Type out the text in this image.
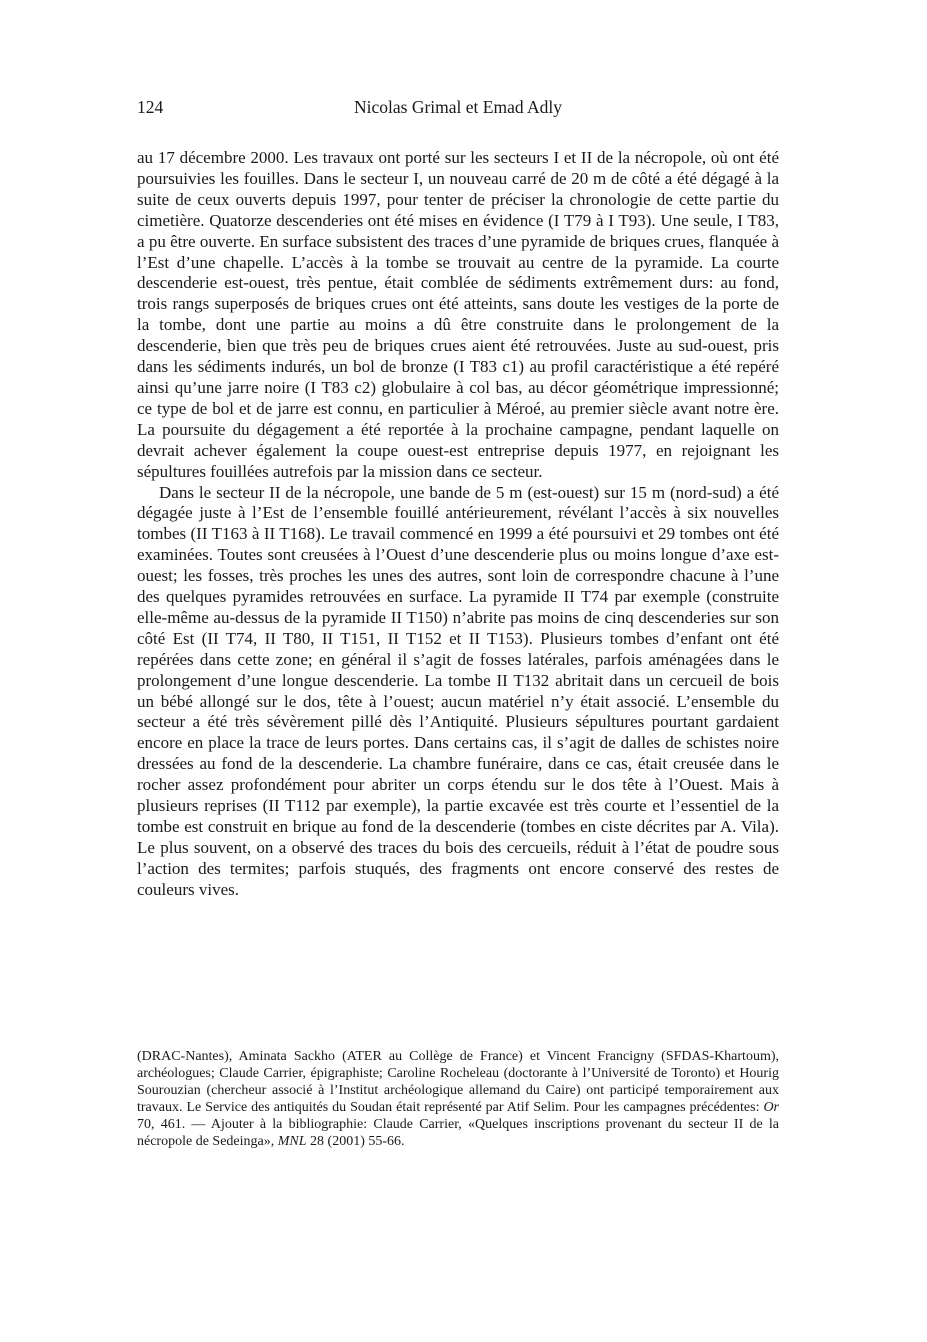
124	Nicolas Grimal et Emad Adly

au 17 décembre 2000. Les travaux ont porté sur les secteurs I et II de la nécropole, où ont été poursuivies les fouilles. Dans le secteur I, un nouveau carré de 20 m de côté a été dégagé à la suite de ceux ouverts depuis 1997, pour tenter de préciser la chronologie de cette partie du cimetière. Quatorze descenderies ont été mises en évidence (I T79 à I T93). Une seule, I T83, a pu être ouverte. En surface subsistent des traces d’une pyramide de briques crues, flanquée à l’Est d’une chapelle. L’accès à la tombe se trouvait au centre de la pyramide. La courte descenderie est-ouest, très pentue, était comblée de sédiments extrêmement durs: au fond, trois rangs superposés de briques crues ont été atteints, sans doute les vestiges de la porte de la tombe, dont une partie au moins a dû être construite dans le prolongement de la descenderie, bien que très peu de briques crues aient été retrouvées. Juste au sud-ouest, pris dans les sédiments indurés, un bol de bronze (I T83 c1) au profil caractéristique a été repéré ainsi qu’une jarre noire (I T83 c2) globulaire à col bas, au décor géométrique impressionné; ce type de bol et de jarre est connu, en particulier à Méroé, au premier siècle avant notre ère. La poursuite du dégagement a été reportée à la prochaine campagne, pendant laquelle on devrait achever également la coupe ouest-est entreprise depuis 1977, en rejoignant les sépultures fouillées autrefois par la mission dans ce secteur.

Dans le secteur II de la nécropole, une bande de 5 m (est-ouest) sur 15 m (nord-sud) a été dégagée juste à l’Est de l’ensemble fouillé antérieurement, révélant l’accès à six nouvelles tombes (II T163 à II T168). Le travail commencé en 1999 a été poursuivi et 29 tombes ont été examinées. Toutes sont creusées à l’Ouest d’une descenderie plus ou moins longue d’axe est-ouest; les fosses, très proches les unes des autres, sont loin de correspondre chacune à l’une des quelques pyramides retrouvées en surface. La pyramide II T74 par exemple (construite elle-même au-dessus de la pyramide II T150) n’abrite pas moins de cinq descenderies sur son côté Est (II T74, II T80, II T151, II T152 et II T153). Plusieurs tombes d’enfant ont été repérées dans cette zone; en général il s’agit de fosses latérales, parfois aménagées dans le prolongement d’une longue descenderie. La tombe II T132 abritait dans un cercueil de bois un bébé allongé sur le dos, tête à l’ouest; aucun matériel n’y était associé. L’ensemble du secteur a été très sévèrement pillé dès l’Antiquité. Plusieurs sépultures pourtant gardaient encore en place la trace de leurs portes. Dans certains cas, il s’agit de dalles de schistes noire dressées au fond de la descenderie. La chambre funéraire, dans ce cas, était creusée dans le rocher assez profondément pour abriter un corps étendu sur le dos tête à l’Ouest. Mais à plusieurs reprises (II T112 par exemple), la partie excavée est très courte et l’essentiel de la tombe est construit en brique au fond de la descenderie (tombes en ciste décrites par A. Vila). Le plus souvent, on a observé des traces du bois des cercueils, réduit à l’état de poudre sous l’action des termites; parfois stuqués, des fragments ont encore conservé des restes de couleurs vives.

(DRAC-Nantes), Aminata Sackho (ATER au Collège de France) et Vincent Francigny (SFDAS-Khartoum), archéologues; Claude Carrier, épigraphiste; Caroline Rocheleau (doctorante à l’Université de Toronto) et Hourig Sourouzian (chercheur associé à l’Institut archéologique allemand du Caire) ont participé temporairement aux travaux. Le Service des antiquités du Soudan était représenté par Atif Selim. Pour les campagnes précédentes: Or 70, 461. — Ajouter à la bibliographie: Claude Carrier, «Quelques inscriptions provenant du secteur II de la nécropole de Sedeinga», MNL 28 (2001) 55-66.
